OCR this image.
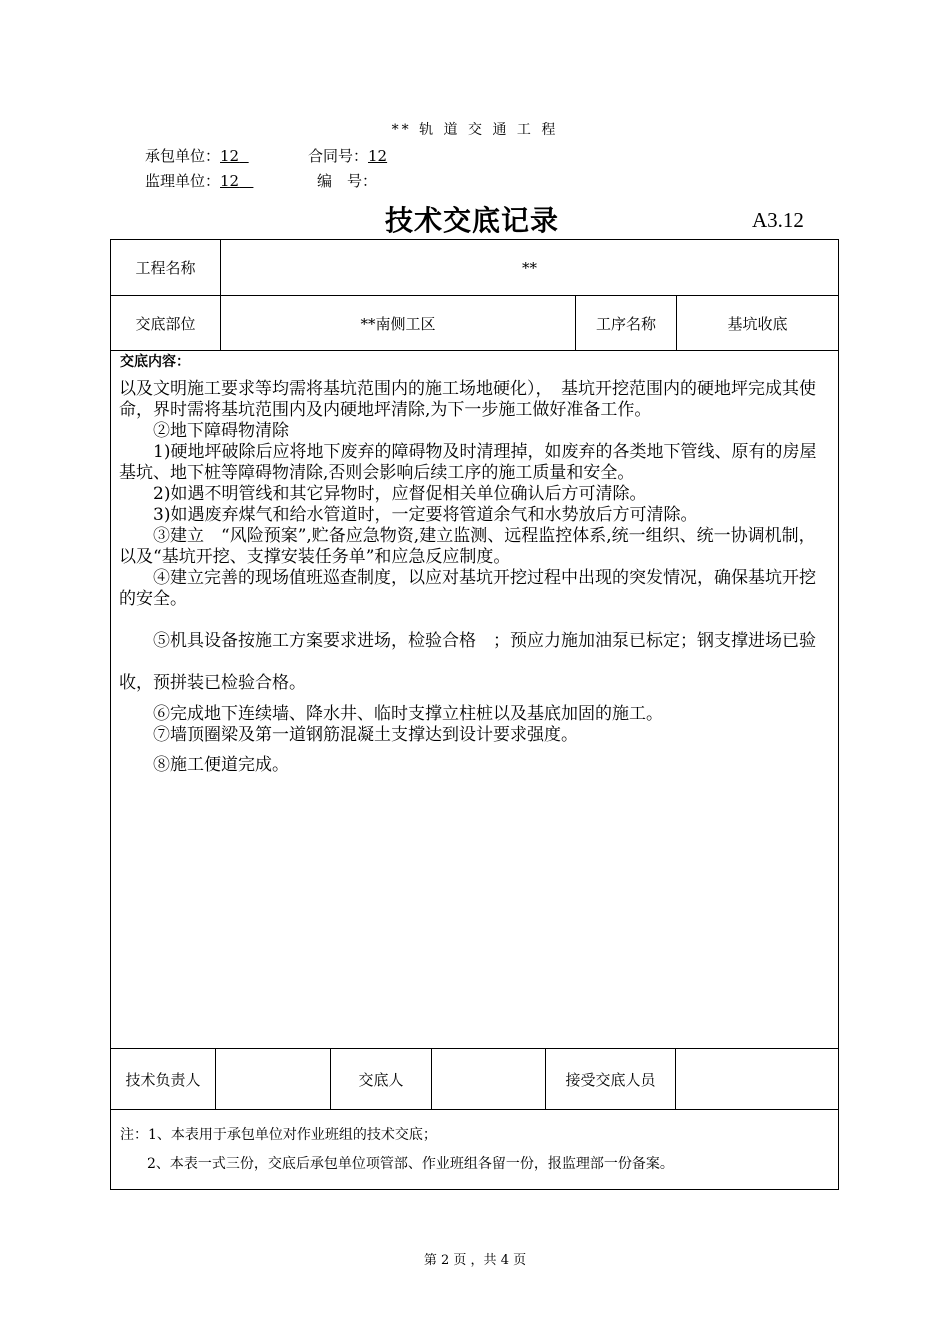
** 轨 道 交 通 工 程
承包单位：12	合同号：12
监理单位：12	编　号：
技术交底记录	A3.12
工程名称	**
交底部位	**南侧工区	工序名称	基坑收底
交底内容：

以及文明施工要求等均需将基坑范围内的施工场地硬化），　基坑开挖范围内的硬地坪完成其使命，界时需将基坑范围内及内硬地坪清除,为下一步施工做好准备工作。

②地下障碍物清除

1)硬地坪破除后应将地下废弃的障碍物及时清理掉，如废弃的各类地下管线、原有的房屋基坑、地下桩等障碍物清除,否则会影响后续工序的施工质量和安全。

2)如遇不明管线和其它异物时，应督促相关单位确认后方可清除。

3)如遇废弃煤气和给水管道时，一定要将管道余气和水势放后方可清除。

③建立　“风险预案”,贮备应急物资,建立监测、远程监控体系,统一组织、统一协调机制，以及“基坑开挖、支撑安装任务单”和应急反应制度。

④建立完善的现场值班巡查制度，以应对基坑开挖过程中出现的突发情况，确保基坑开挖的安全。

⑤机具设备按施工方案要求进场，检验合格　；预应力施加油泵已标定；钢支撑进场已验收，预拼装已检验合格。

⑥完成地下连续墙、降水井、临时支撑立柱桩以及基底加固的施工。

⑦墙顶圈梁及第一道钢筋混凝土支撑达到设计要求强度。

⑧施工便道完成。

技术负责人	交底人	接受交底人员
注：1、本表用于承包单位对作业班组的技术交底；
2、本表一式三份，交底后承包单位项管部、作业班组各留一份，报监理部一份备案。
第 2 页 ，共 4 页
